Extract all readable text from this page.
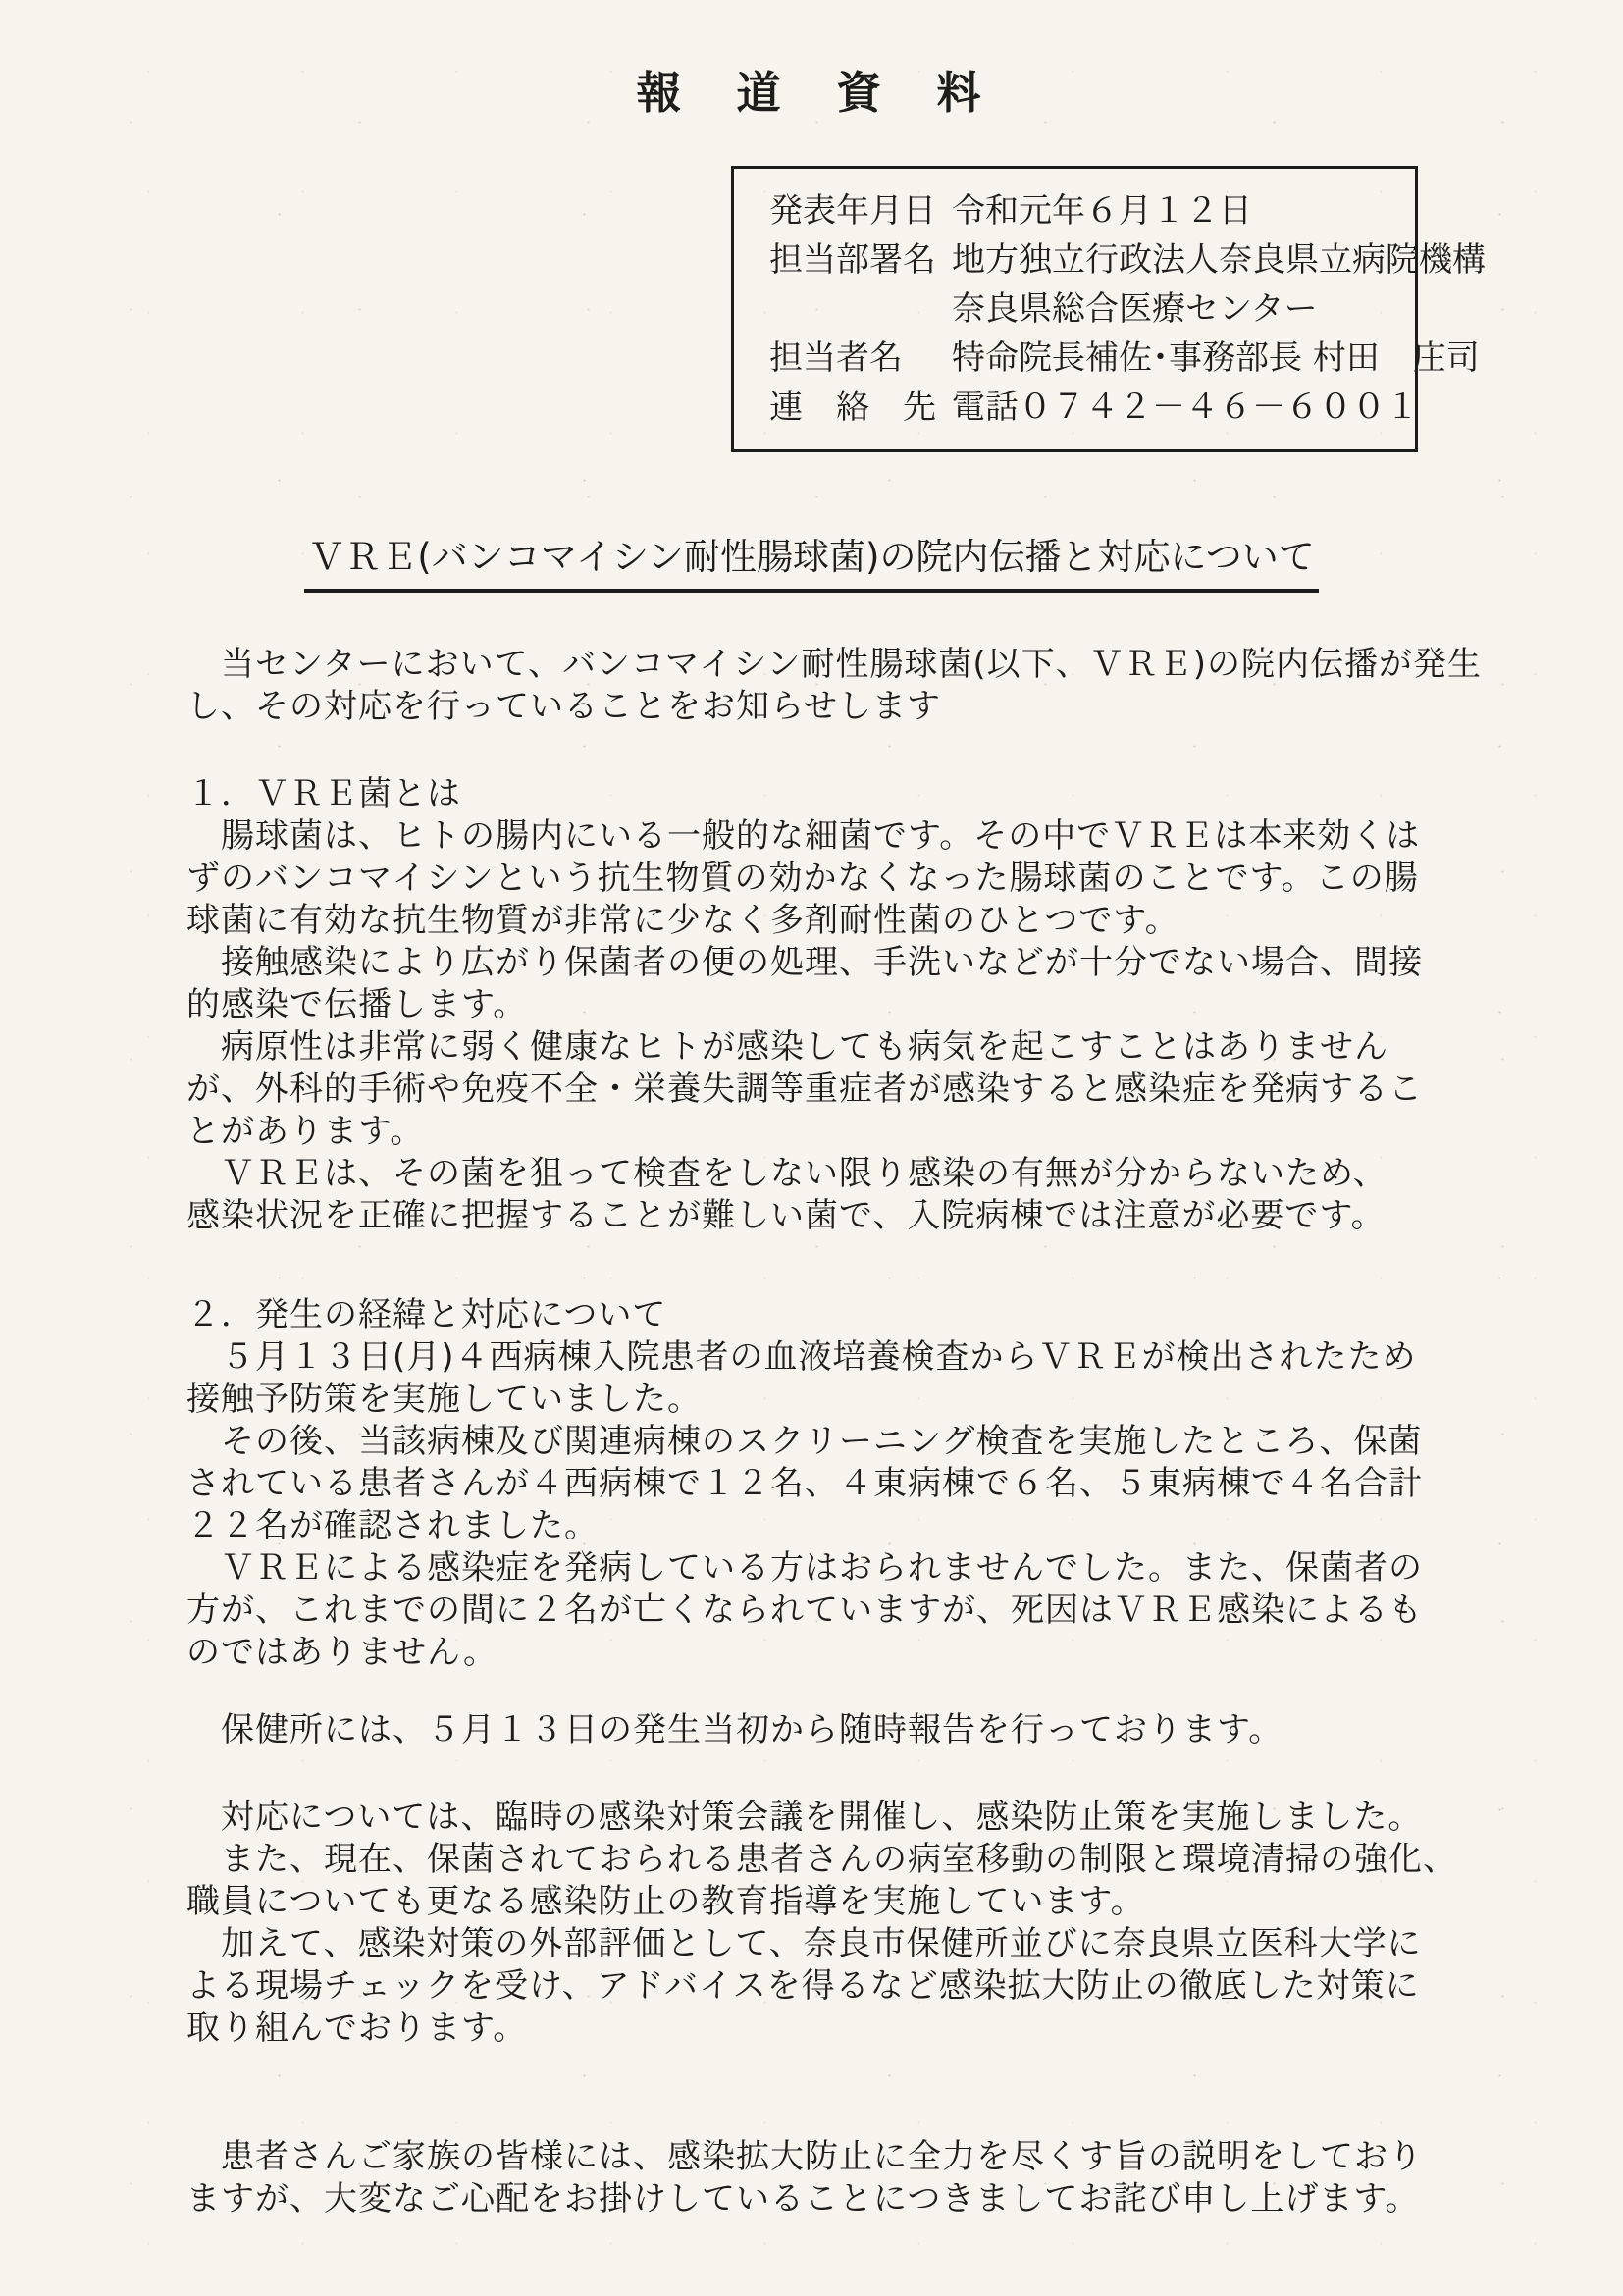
報　道　資　料
発表年月日 令和元年６月１２日
担当部署名 地方独立行政法人奈良県立病院機構
奈良県総合医療センター
担当者名	特命院長補佐･事務部長 村田　庄司
連　絡　先 電話０７４２－４６－６００１
ＶＲＥ(バンコマイシン耐性腸球菌)の院内伝播と対応について
　当センターにおいて、バンコマイシン耐性腸球菌(以下、ＶＲＥ)の院内伝播が発生
し、その対応を行っていることをお知らせします
１．ＶＲＥ菌とは
　腸球菌は、ヒトの腸内にいる一般的な細菌です。その中でＶＲＥは本来効くは
ずのバンコマイシンという抗生物質の効かなくなった腸球菌のことです。この腸
球菌に有効な抗生物質が非常に少なく多剤耐性菌のひとつです。
　接触感染により広がり保菌者の便の処理、手洗いなどが十分でない場合、間接
的感染で伝播します。
　病原性は非常に弱く健康なヒトが感染しても病気を起こすことはありません
が、外科的手術や免疫不全・栄養失調等重症者が感染すると感染症を発病するこ
とがあります。
　ＶＲＥは、その菌を狙って検査をしない限り感染の有無が分からないため、
感染状況を正確に把握することが難しい菌で、入院病棟では注意が必要です。
２．発生の経緯と対応について
　５月１３日(月)４西病棟入院患者の血液培養検査からＶＲＥが検出されたため
接触予防策を実施していました。
　その後、当該病棟及び関連病棟のスクリーニング検査を実施したところ、保菌
されている患者さんが４西病棟で１２名、４東病棟で６名、５東病棟で４名合計
２２名が確認されました。
　ＶＲＥによる感染症を発病している方はおられませんでした。また、保菌者の
方が、これまでの間に２名が亡くなられていますが、死因はＶＲＥ感染によるも
のではありません。
　保健所には、５月１３日の発生当初から随時報告を行っております。
　対応については、臨時の感染対策会議を開催し、感染防止策を実施しました。
　また、現在、保菌されておられる患者さんの病室移動の制限と環境清掃の強化、
職員についても更なる感染防止の教育指導を実施しています。
　加えて、感染対策の外部評価として、奈良市保健所並びに奈良県立医科大学に
よる現場チェックを受け、アドバイスを得るなど感染拡大防止の徹底した対策に
取り組んでおります。
　患者さんご家族の皆様には、感染拡大防止に全力を尽くす旨の説明をしており
ますが、大変なご心配をお掛けしていることにつきましてお詫び申し上げます。
